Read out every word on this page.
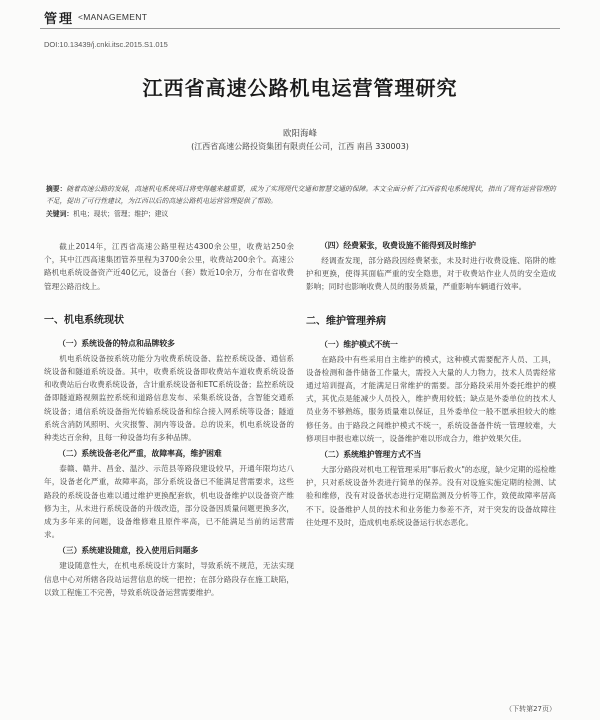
管理 <MANAGEMENT
DOI:10.13439/j.cnki.itsc.2015.S1.015
江西省高速公路机电运营管理研究
欧阳海峰
(江西省高速公路投资集团有限责任公司，江西 南昌 330003)
摘要：随着高速公路的发展，高速机电系统项目将变得越来越重要，成为了实现现代交通和智慧交通的保障。本文全面分析了江西省机电系统现状，指出了现有运营管理的不足，提出了可行性建议，为江西以后的高速公路机电运营管理提供了帮助。
关键词：机电；现状；管理；维护；建议

截止2014年，江西省高速公路里程达4300余公里，收费站250余个，其中江西高速集团管养里程为3700余公里，收费站200余个。高速公路机电系统设备资产近40亿元，设备台（套）数近10余万，分布在省收费管理公路沿线上。

一、机电系统现状
（一）系统设备的特点和品牌较多

机电系统设备按系统功能分为收费系统设备、监控系统设备、通信系统设备和隧道系统设备。其中，收费系统设备即收费站车道收费系统设备和收费站后台收费系统设备，含计重系统设备和ETC系统设备；监控系统设备即隧道路视频监控系统和道路信息发布、采集系统设备，含智能交通系统设备；通信系统设备指光传输系统设备和综合接入网系统等设备；隧道系统含消防风照明、火灾报警、洞内等设备。总的说来，机电系统设备的种类达百余种，且每一种设备均有多种品牌。

（二）系统设备老化严重，故障率高，维护困难

泰赣、赣井、昌金、温沙、示范县等路段建设较早，开通年限均达八年，设备老化严重，故障率高，部分系统设备已不能满足营需要求，这些路段的系统设备也难以通过维护更换配套软，机电设备维护以设备资产维修为主，从未进行系统设备的升级改造，部分设备因质量问题更换多次，成为多年来的问题，设备维修难且原件率高，已不能满足当前的运营需求。

（三）系统建设随意，投入使用后问题多

建设随意性大，在机电系统设计方案时，导致系统不规范，无法实现信息中心对所辖各段站运营信息的统一把控；在部分路段存在施工缺陷，以致工程施工不完善，导致系统设备运营需要维护。

（四）经费紧张，收费设施不能得到及时维护

经调查发现，部分路段因经费紧张，未及时进行收费设施、陷阱的维护和更换，使得其面临严重的安全隐患，对于收费站作业人员的安全造成影响；同时也影响收费人员的服务质量，严重影响车辆通行效率。

二、维护管理养病
（一）维护模式不统一

在路段中有些采用自主维护的模式，这种模式需要配齐人员、工具，设备检测和备件储备工作量大，需投入大量的人力物力，技术人员需经常通过培训提高，才能满足日常维护的需要。部分路段采用外委托维护的模式，其优点是能减少人员投入，维护费用较低；缺点是外委单位的技术人员业务不够熟练，服务质量难以保证，且外委单位一般不愿承担较大的维修任务。由于路段之间维护模式不统一，系统设备备件统一管理较难，大修项目申报也难以统一，设备维护难以形成合力，维护效果欠佳。

（二）系统维护管理方式不当

大部分路段对机电工程管理采用"事后救火"的态度，缺少定期的巡检维护，只对系统设备外表进行简单的保养。没有对设施实施定期的检测、试验和维修，没有对设备状态进行定期监测及分析等工作，致使故障率居高不下。设备维护人员的技术和业务能力参差不齐，对于突发的设备故障往往处理不及时，造成机电系统设备运行状态恶化。

（下转第27页）
